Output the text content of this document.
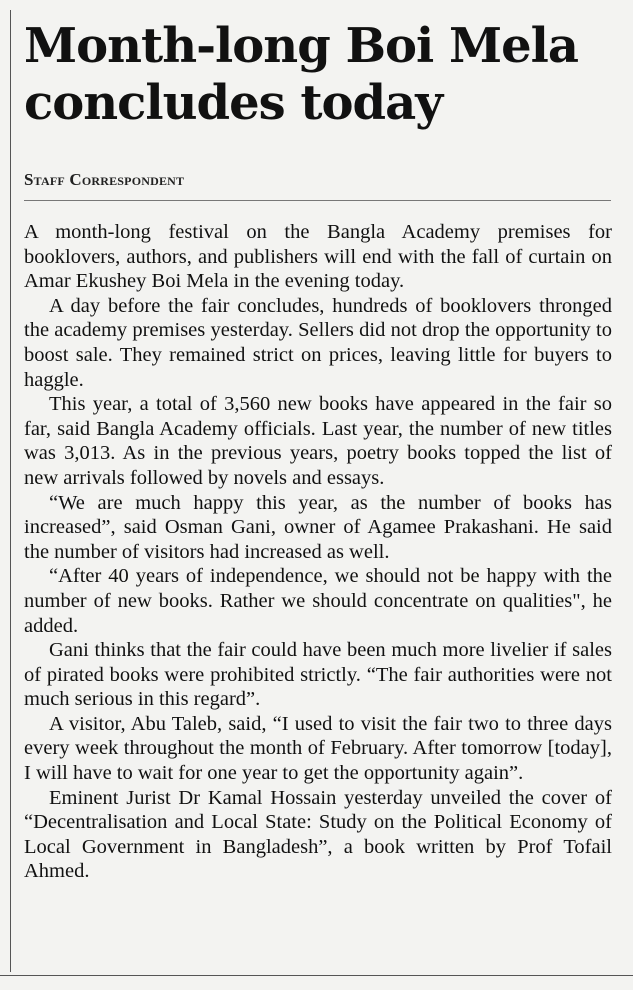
Month-long Boi Mela concludes today
Staff Correspondent

A month-long festival on the Bangla Academy premises for booklovers, authors, and publishers will end with the fall of curtain on Amar Ekushey Boi Mela in the evening today.

A day before the fair concludes, hundreds of booklovers thronged the academy premises yesterday. Sellers did not drop the opportunity to boost sale. They remained strict on prices, leaving little for buyers to haggle.

This year, a total of 3,560 new books have appeared in the fair so far, said Bangla Academy officials. Last year, the number of new titles was 3,013. As in the previous years, poetry books topped the list of new arrivals followed by novels and essays.

“We are much happy this year, as the number of books has increased”, said Osman Gani, owner of Agamee Prakashani. He said the number of visitors had increased as well.

“After 40 years of independence, we should not be happy with the number of new books. Rather we should concentrate on qualities", he added.

Gani thinks that the fair could have been much more livelier if sales of pirated books were prohibited strictly. “The fair authorities were not much serious in this regard”.

A visitor, Abu Taleb, said, “I used to visit the fair two to three days every week throughout the month of February. After tomorrow [today], I will have to wait for one year to get the opportunity again”.

Eminent Jurist Dr Kamal Hossain yesterday unveiled the cover of “Decentralisation and Local State: Study on the Political Economy of Local Government in Bangladesh”, a book written by Prof Tofail Ahmed.
